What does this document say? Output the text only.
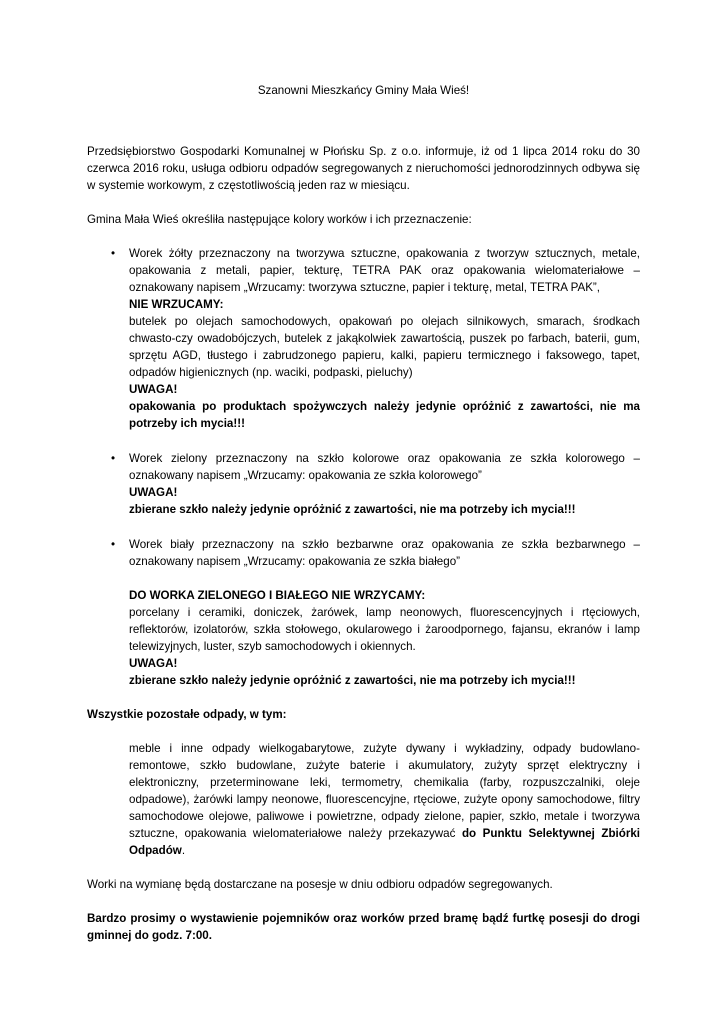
Szanowni Mieszkańcy Gminy Mała Wieś!

Przedsiębiorstwo Gospodarki Komunalnej w Płońsku Sp. z o.o. informuje, iż od 1 lipca 2014 roku do 30 czerwca 2016 roku, usługa odbioru odpadów segregowanych z nieruchomości jednorodzinnych odbywa się w systemie workowym, z częstotliwością jeden raz w miesiącu.

Gmina Mała Wieś określiła następujące kolory worków i ich przeznaczenie:

•	Worek żółty przeznaczony na tworzywa sztuczne, opakowania z tworzyw sztucznych, metale, opakowania z metali, papier, tekturę, TETRA PAK oraz opakowania wielomateriałowe – oznakowany napisem „Wrzucamy: tworzywa sztuczne, papier i tekturę, metal, TETRA PAK”,
NIE WRZUCAMY:
butelek po olejach samochodowych, opakowań po olejach silnikowych, smarach, środkach chwasto-czy owadobójczych, butelek z jakąkolwiek zawartością, puszek po farbach, baterii, gum, sprzętu AGD, tłustego i zabrudzonego papieru, kalki, papieru termicznego i faksowego, tapet, odpadów higienicznych (np. waciki, podpaski, pieluchy)
UWAGA!
opakowania po produktach spożywczych należy jedynie opróżnić z zawartości, nie ma potrzeby ich mycia!!!
•	Worek zielony przeznaczony na szkło kolorowe oraz opakowania ze szkła kolorowego – oznakowany napisem „Wrzucamy: opakowania ze szkła kolorowego”
UWAGA!
zbierane szkło należy jedynie opróżnić z zawartości, nie ma potrzeby ich mycia!!!
•	Worek biały przeznaczony na szkło bezbarwne oraz opakowania ze szkła bezbarwnego – oznakowany napisem „Wrzucamy: opakowania ze szkła białego”
DO WORKA ZIELONEGO I BIAŁEGO NIE WRZYCAMY:
porcelany i ceramiki, doniczek, żarówek, lamp neonowych, fluorescencyjnych i rtęciowych, reflektorów, izolatorów, szkła stołowego, okularowego i żaroodpornego, fajansu, ekranów i lamp telewizyjnych, luster, szyb samochodowych i okiennych.
UWAGA!
zbierane szkło należy jedynie opróżnić z zawartości, nie ma potrzeby ich mycia!!!

Wszystkie pozostałe odpady, w tym:

meble i inne odpady wielkogabarytowe, zużyte dywany i wykładziny, odpady budowlano- remontowe, szkło budowlane, zużyte baterie i akumulatory, zużyty sprzęt elektryczny i elektroniczny, przeterminowane leki, termometry, chemikalia (farby, rozpuszczalniki, oleje odpadowe), żarówki lampy neonowe, fluorescencyjne, rtęciowe, zużyte opony samochodowe, filtry samochodowe olejowe, paliwowe i powietrzne, odpady zielone, papier, szkło, metale i tworzywa sztuczne, opakowania wielomateriałowe należy przekazywać do Punktu Selektywnej Zbiórki Odpadów.

Worki na wymianę będą dostarczane na posesje w dniu odbioru odpadów segregowanych.

Bardzo prosimy o wystawienie pojemników oraz worków przed bramę bądź furtkę posesji do drogi gminnej do godz. 7:00.
